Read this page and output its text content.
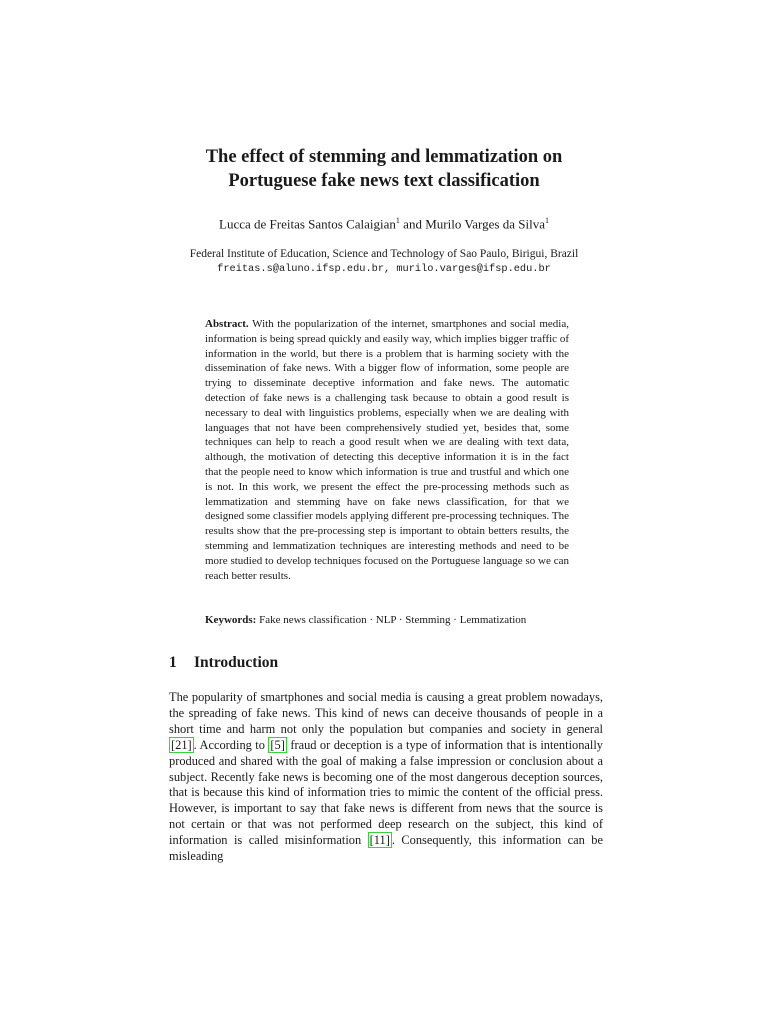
The effect of stemming and lemmatization on
Portuguese fake news text classification
Lucca de Freitas Santos Calaigian$^1$ and Murilo Varges da Silva$^1$
Federal Institute of Education, Science and Technology of Sao Paulo, Birigui, Brazil
freitas.s@aluno.ifsp.edu.br, murilo.varges@ifsp.edu.br
Abstract. With the popularization of the internet, smartphones and social media, information is being spread quickly and easily way, which implies bigger traffic of information in the world, but there is a problem that is harming society with the dissemination of fake news. With a bigger flow of information, some people are trying to disseminate deceptive information and fake news. The automatic detection of fake news is a challenging task because to obtain a good result is necessary to deal with linguistics problems, especially when we are dealing with languages that not have been comprehensively studied yet, besides that, some techniques can help to reach a good result when we are dealing with text data, although, the motivation of detecting this deceptive information it is in the fact that the people need to know which information is true and trustful and which one is not. In this work, we present the effect the pre-processing methods such as lemmatization and stemming have on fake news classification, for that we designed some classifier models applying different pre-processing techniques. The results show that the pre-processing step is important to obtain betters results, the stemming and lemmatization techniques are interesting methods and need to be more studied to develop techniques focused on the Portuguese language so we can reach better results.
Keywords: Fake news classification · NLP · Stemming · Lemmatization
1 Introduction
The popularity of smartphones and social media is causing a great problem nowadays, the spreading of fake news. This kind of news can deceive thousands of people in a short time and harm not only the population but companies and society in general [21] . According to [5] fraud or deception is a type of information that is intentionally produced and shared with the goal of making a false impression or conclusion about a subject. Recently fake news is becoming one of the most dangerous deception sources, that is because this kind of information tries to mimic the content of the official press. However, is important to say that fake news is different from news that the source is not certain or that was not performed deep research on the subject, this kind of information is called misinformation [11] . Consequently, this information can be misleading
